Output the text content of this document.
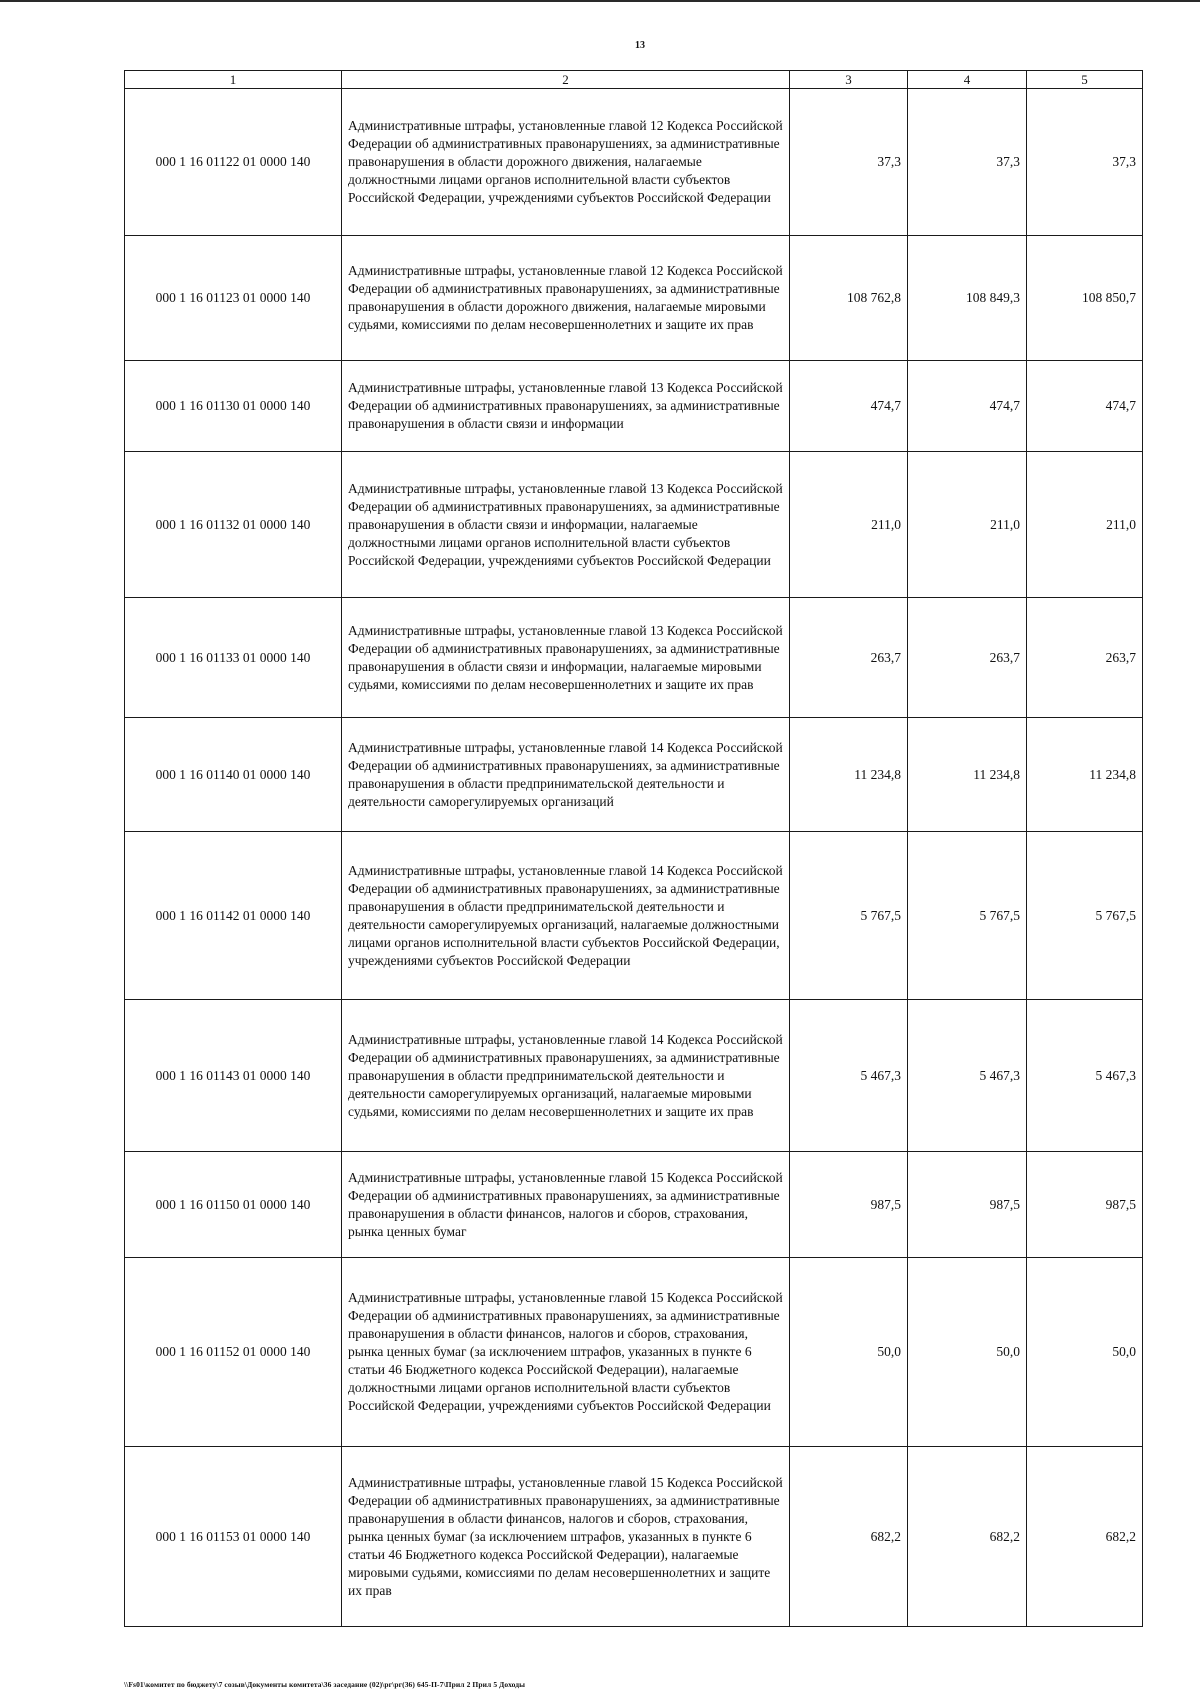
13
1	2	3	4	5
000 1 16 01122 01 0000 140	Административные штрафы, установленные главой 12 Кодекса Российской Федерации об административных правонарушениях, за административные правонарушения в области дорожного движения, налагаемые должностными лицами органов исполнительной власти субъектов Российской Федерации, учреждениями субъектов Российской Федерации	37,3	37,3	37,3
000 1 16 01123 01 0000 140	Административные штрафы, установленные главой 12 Кодекса Российской Федерации об административных правонарушениях, за административные правонарушения в области дорожного движения, налагаемые мировыми судьями, комиссиями по делам несовершеннолетних и защите их прав	108 762,8	108 849,3	108 850,7
000 1 16 01130 01 0000 140	Административные штрафы, установленные главой 13 Кодекса Российской Федерации об административных правонарушениях, за административные правонарушения в области связи и информации	474,7	474,7	474,7
000 1 16 01132 01 0000 140	Административные штрафы, установленные главой 13 Кодекса Российской Федерации об административных правонарушениях, за административные правонарушения в области связи и информации, налагаемые должностными лицами органов исполнительной власти субъектов Российской Федерации, учреждениями субъектов Российской Федерации	211,0	211,0	211,0
000 1 16 01133 01 0000 140	Административные штрафы, установленные главой 13 Кодекса Российской Федерации об административных правонарушениях, за административные правонарушения в области связи и информации, налагаемые мировыми судьями, комиссиями по делам несовершеннолетних и защите их прав	263,7	263,7	263,7
000 1 16 01140 01 0000 140	Административные штрафы, установленные главой 14 Кодекса Российской Федерации об административных правонарушениях, за административные правонарушения в области предпринимательской деятельности и деятельности саморегулируемых организаций	11 234,8	11 234,8	11 234,8
000 1 16 01142 01 0000 140	Административные штрафы, установленные главой 14 Кодекса Российской Федерации об административных правонарушениях, за административные правонарушения в области предпринимательской деятельности и деятельности саморегулируемых организаций, налагаемые должностными лицами органов исполнительной власти субъектов Российской Федерации, учреждениями субъектов Российской Федерации	5 767,5	5 767,5	5 767,5
000 1 16 01143 01 0000 140	Административные штрафы, установленные главой 14 Кодекса Российской Федерации об административных правонарушениях, за административные правонарушения в области предпринимательской деятельности и деятельности саморегулируемых организаций, налагаемые мировыми судьями, комиссиями по делам несовершеннолетних и защите их прав	5 467,3	5 467,3	5 467,3
000 1 16 01150 01 0000 140	Административные штрафы, установленные главой 15 Кодекса Российской Федерации об административных правонарушениях, за административные правонарушения в области финансов, налогов и сборов, страхования, рынка ценных бумаг	987,5	987,5	987,5
000 1 16 01152 01 0000 140	Административные штрафы, установленные главой 15 Кодекса Российской Федерации об административных правонарушениях, за административные правонарушения в области финансов, налогов и сборов, страхования, рынка ценных бумаг (за исключением штрафов, указанных в пункте 6 статьи 46 Бюджетного кодекса Российской Федерации), налагаемые должностными лицами органов исполнительной власти субъектов Российской Федерации, учреждениями субъектов Российской Федерации	50,0	50,0	50,0
000 1 16 01153 01 0000 140	Административные штрафы, установленные главой 15 Кодекса Российской Федерации об административных правонарушениях, за административные правонарушения в области финансов, налогов и сборов, страхования, рынка ценных бумаг (за исключением штрафов, указанных в пункте 6 статьи 46 Бюджетного кодекса Российской Федерации), налагаемые мировыми судьями, комиссиями по делам несовершеннолетних и защите их прав	682,2	682,2	682,2
\\Fs01\комитет по бюджету\7 созыв\Документы комитета\36 заседание (02)\рг\рг(36) 645-П-7\Прил 2 Прил 5 Доходы
